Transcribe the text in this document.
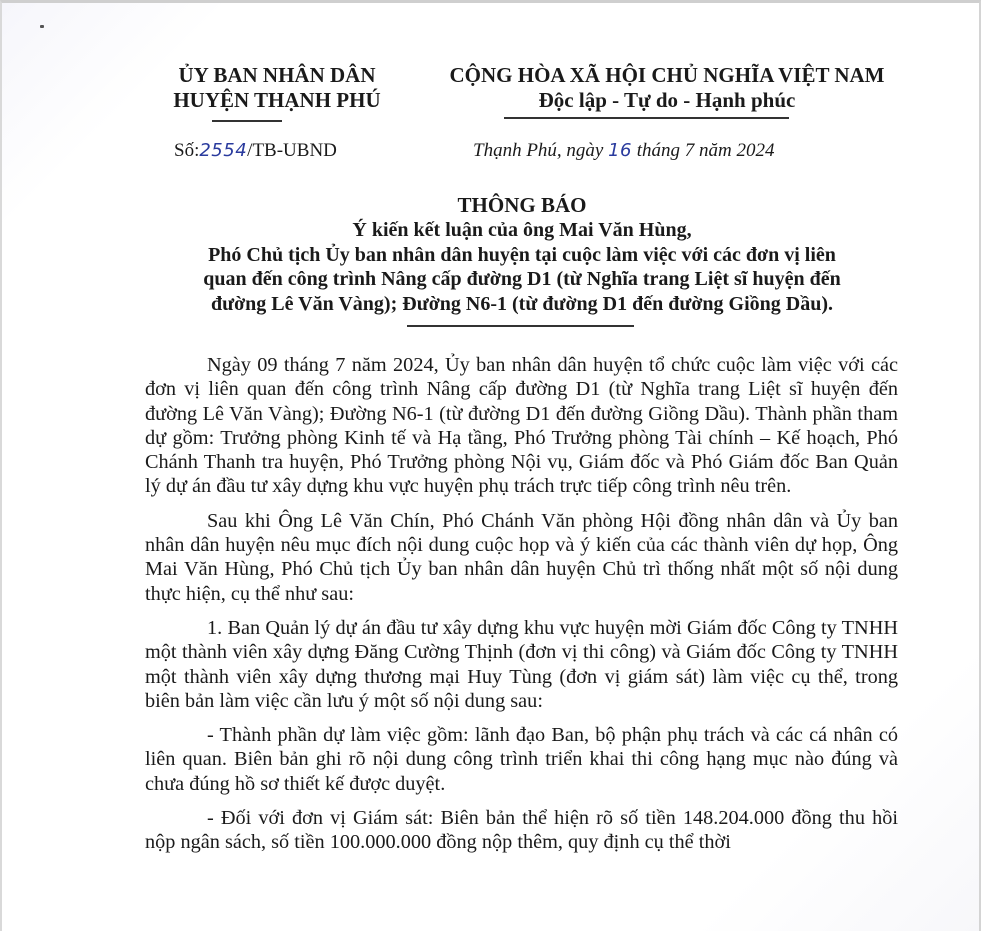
ỦY BAN NHÂN DÂN
HUYỆN THẠNH PHÚ
CỘNG HÒA XÃ HỘI CHỦ NGHĨA VIỆT NAM
Độc lập - Tự do - Hạnh phúc
Số:2554/TB-UBND	Thạnh Phú, ngày 16 tháng 7 năm 2024
THÔNG BÁO
Ý kiến kết luận của ông Mai Văn Hùng,
Phó Chủ tịch Ủy ban nhân dân huyện tại cuộc làm việc với các đơn vị liên
quan đến công trình Nâng cấp đường D1 (từ Nghĩa trang Liệt sĩ huyện đến
đường Lê Văn Vàng); Đường N6-1 (từ đường D1 đến đường Giồng Dầu).

Ngày 09 tháng 7 năm 2024, Ủy ban nhân dân huyện tổ chức cuộc làm việc với các đơn vị liên quan đến công trình Nâng cấp đường D1 (từ Nghĩa trang Liệt sĩ huyện đến đường Lê Văn Vàng); Đường N6-1 (từ đường D1 đến đường Giồng Dầu). Thành phần tham dự gồm: Trưởng phòng Kinh tế và Hạ tầng, Phó Trưởng phòng Tài chính – Kế hoạch, Phó Chánh Thanh tra huyện, Phó Trưởng phòng Nội vụ, Giám đốc và Phó Giám đốc Ban Quản lý dự án đầu tư xây dựng khu vực huyện phụ trách trực tiếp công trình nêu trên.

Sau khi Ông Lê Văn Chín, Phó Chánh Văn phòng Hội đồng nhân dân và Ủy ban nhân dân huyện nêu mục đích nội dung cuộc họp và ý kiến của các thành viên dự họp, Ông Mai Văn Hùng, Phó Chủ tịch Ủy ban nhân dân huyện Chủ trì thống nhất một số nội dung thực hiện, cụ thể như sau:

1. Ban Quản lý dự án đầu tư xây dựng khu vực huyện mời Giám đốc Công ty TNHH một thành viên xây dựng Đăng Cường Thịnh (đơn vị thi công) và Giám đốc Công ty TNHH một thành viên xây dựng thương mại Huy Tùng (đơn vị giám sát) làm việc cụ thể, trong biên bản làm việc cần lưu ý một số nội dung sau:

- Thành phần dự làm việc gồm: lãnh đạo Ban, bộ phận phụ trách và các cá nhân có liên quan. Biên bản ghi rõ nội dung công trình triển khai thi công hạng mục nào đúng và chưa đúng hồ sơ thiết kế được duyệt.

- Đối với đơn vị Giám sát: Biên bản thể hiện rõ số tiền 148.204.000 đồng thu hồi nộp ngân sách, số tiền 100.000.000 đồng nộp thêm, quy định cụ thể thời
